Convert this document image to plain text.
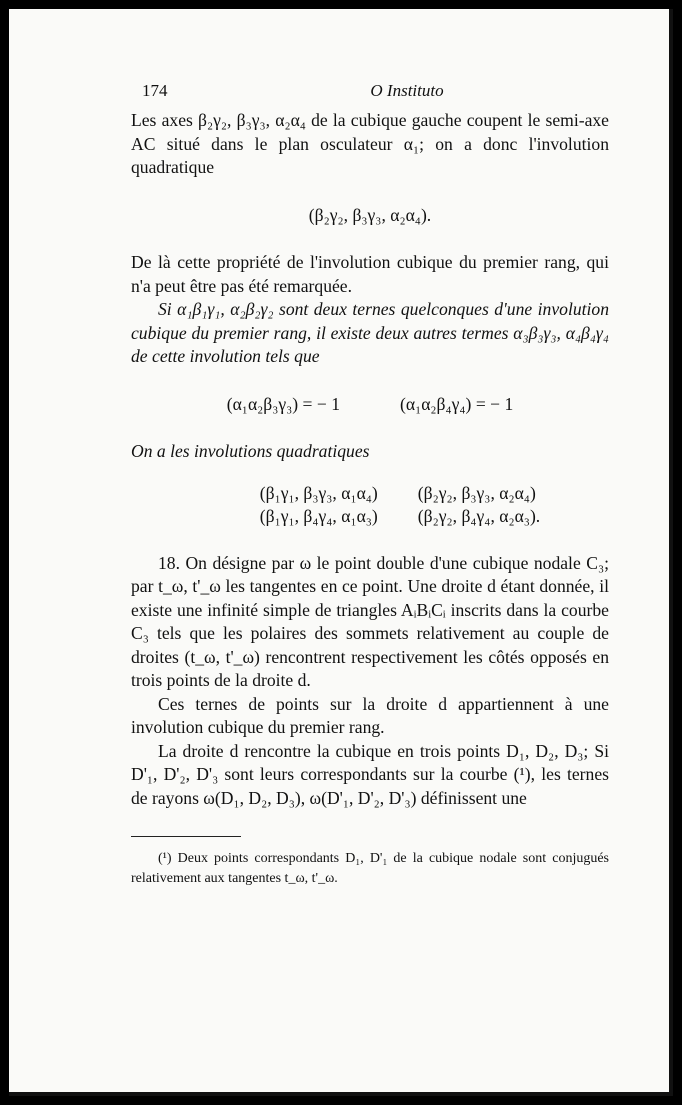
174	O Instituto

Les axes β₂γ₂, β₃γ₃, α₂α₄ de la cubique gauche coupent le semi-axe AC situé dans le plan osculateur α₁; on a donc l'involution quadratique

(β₂γ₂, β₃γ₃, α₂α₄).

De là cette propriété de l'involution cubique du premier rang, qui n'a peut être pas été remarquée.

Si α₁β₁γ₁, α₂β₂γ₂ sont deux ternes quelconques d'une involution cubique du premier rang, il existe deux autres termes α₃β₃γ₃, α₄β₄γ₄ de cette involution tels que

(α₁α₂β₃γ₃) = − 1	(α₁α₂β₄γ₄) = − 1

On a les involutions quadratiques

(β₁γ₁, β₃γ₃, α₁α₄) (β₂γ₂, β₃γ₃, α₂α₄)
(β₁γ₁, β₄γ₄, α₁α₃) (β₂γ₂, β₄γ₄, α₂α₃).

18. On désigne par ω le point double d'une cubique nodale C₃; par t_ω, t'_ω les tangentes en ce point. Une droite d étant donnée, il existe une infinité simple de triangles AᵢBᵢCᵢ inscrits dans la courbe C₃ tels que les polaires des sommets relativement au couple de droites (t_ω, t'_ω) rencontrent respectivement les côtés opposés en trois points de la droite d.

Ces ternes de points sur la droite d appartiennent à une involution cubique du premier rang.

La droite d rencontre la cubique en trois points D₁, D₂, D₃; Si D'₁, D'₂, D'₃ sont leurs correspondants sur la courbe (¹), les ternes de rayons ω(D₁, D₂, D₃), ω(D'₁, D'₂, D'₃) définissent une

(¹) Deux points correspondants D₁, D'₁ de la cubique nodale sont conjugués relativement aux tangentes t_ω, t'_ω.
